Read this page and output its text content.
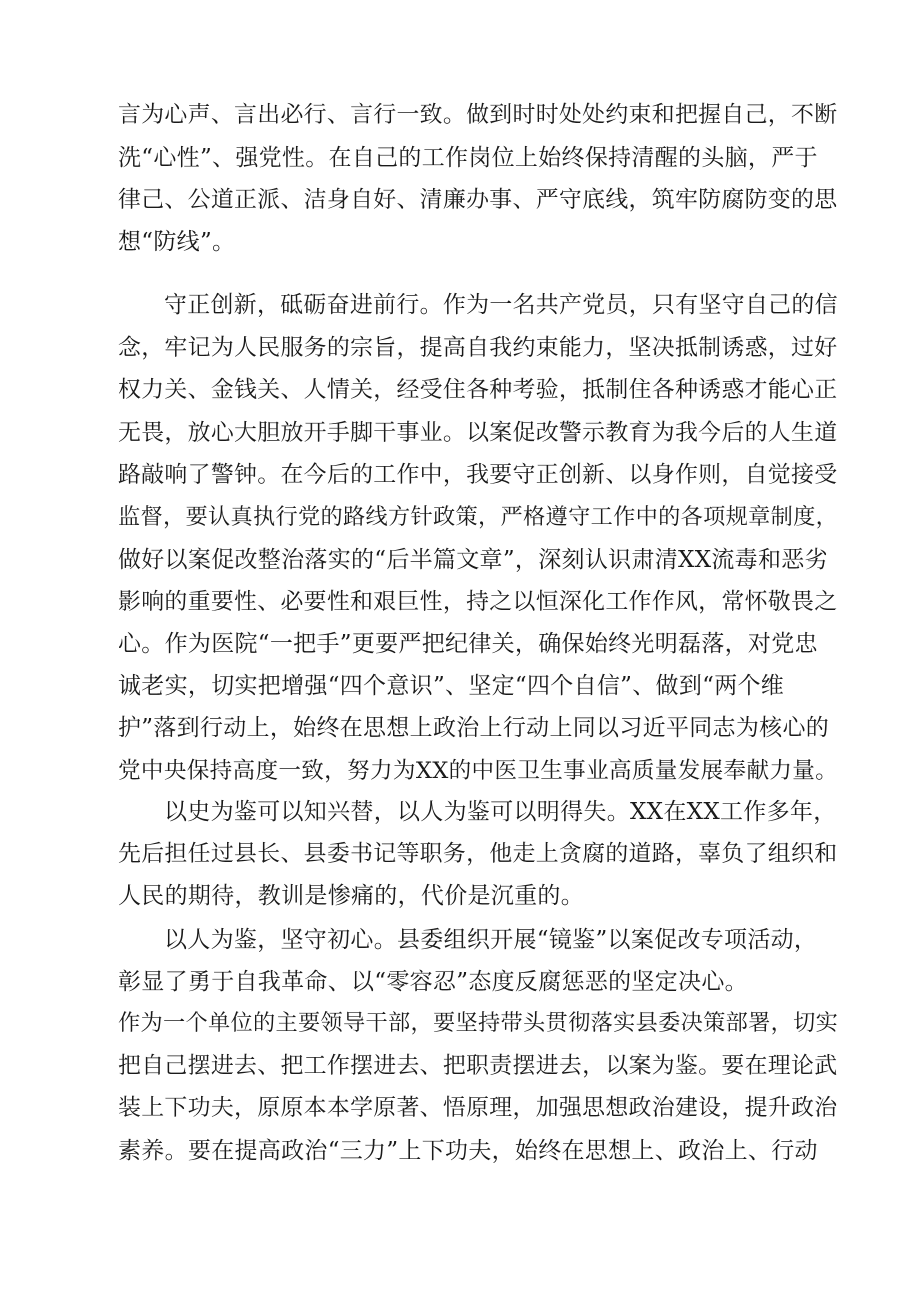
言为心声、言出必行、言行一致。做到时时处处约束和把握自己，不断
洗“心性”、强党性。在自己的工作岗位上始终保持清醒的头脑，严于
律己、公道正派、洁身自好、清廉办事、严守底线，筑牢防腐防变的思
想“防线”。
守正创新，砥砺奋进前行。作为一名共产党员，只有坚守自己的信
念，牢记为人民服务的宗旨，提高自我约束能力，坚决抵制诱惑，过好
权力关、金钱关、人情关，经受住各种考验，抵制住各种诱惑才能心正
无畏，放心大胆放开手脚干事业。以案促改警示教育为我今后的人生道
路敲响了警钟。在今后的工作中，我要守正创新、以身作则，自觉接受
监督，要认真执行党的路线方针政策，严格遵守工作中的各项规章制度，
做好以案促改整治落实的“后半篇文章”，深刻认识肃清XX流毒和恶劣
影响的重要性、必要性和艰巨性，持之以恒深化工作作风，常怀敬畏之
心。作为医院“一把手”更要严把纪律关，确保始终光明磊落，对党忠
诚老实，切实把增强“四个意识”、坚定“四个自信”、做到“两个维
护”落到行动上，始终在思想上政治上行动上同以习近平同志为核心的
党中央保持高度一致，努力为XX的中医卫生事业高质量发展奉献力量。
以史为鉴可以知兴替，以人为鉴可以明得失。XX在XX工作多年，
先后担任过县长、县委书记等职务，他走上贪腐的道路，辜负了组织和
人民的期待，教训是惨痛的，代价是沉重的。
以人为鉴，坚守初心。县委组织开展“镜鉴”以案促改专项活动，
彰显了勇于自我革命、以“零容忍”态度反腐惩恶的坚定决心。
作为一个单位的主要领导干部，要坚持带头贯彻落实县委决策部署，切实
把自己摆进去、把工作摆进去、把职责摆进去，以案为鉴。要在理论武
装上下功夫，原原本本学原著、悟原理，加强思想政治建设，提升政治
素养。要在提高政治“三力”上下功夫，始终在思想上、政治上、行动
